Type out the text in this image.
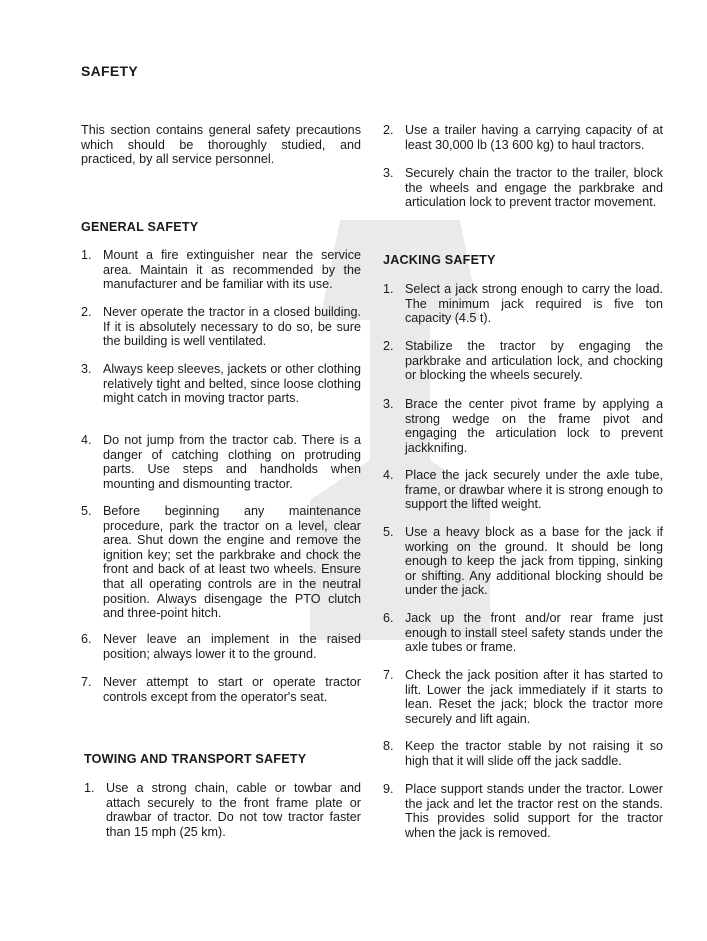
SAFETY

This section contains general safety precautions which should be thoroughly studied, and practiced, by all service personnel.

GENERAL SAFETY
1. Mount a fire extinguisher near the service area. Maintain it as recommended by the manufacturer and be familiar with its use.
2. Never operate the tractor in a closed building. If it is absolutely necessary to do so, be sure the building is well ventilated.
3. Always keep sleeves, jackets or other clothing relatively tight and belted, since loose clothing might catch in moving tractor parts.
4. Do not jump from the tractor cab. There is a danger of catching clothing on protruding parts. Use steps and handholds when mounting and dismounting tractor.
5. Before beginning any maintenance procedure, park the tractor on a level, clear area. Shut down the engine and remove the ignition key; set the parkbrake and chock the front and back of at least two wheels. Ensure that all operating controls are in the neutral position. Always disengage the PTO clutch and three-point hitch.
6. Never leave an implement in the raised position; always lower it to the ground.
7. Never attempt to start or operate tractor controls except from the operator's seat.
TOWING AND TRANSPORT SAFETY
1. Use a strong chain, cable or towbar and attach securely to the front frame plate or drawbar of tractor. Do not tow tractor faster than 15 mph (25 km).
2. Use a trailer having a carrying capacity of at least 30,000 lb (13 600 kg) to haul tractors.
3. Securely chain the tractor to the trailer, block the wheels and engage the parkbrake and articulation lock to prevent tractor movement.
JACKING SAFETY
1. Select a jack strong enough to carry the load. The minimum jack required is five ton capacity (4.5 t).
2. Stabilize the tractor by engaging the parkbrake and articulation lock, and chocking or blocking the wheels securely.
3. Brace the center pivot frame by applying a strong wedge on the frame pivot and engaging the articulation lock to prevent jackknifing.
4. Place the jack securely under the axle tube, frame, or drawbar where it is strong enough to support the lifted weight.
5. Use a heavy block as a base for the jack if working on the ground. It should be long enough to keep the jack from tipping, sinking or shifting. Any additional blocking should be under the jack.
6. Jack up the front and/or rear frame just enough to install steel safety stands under the axle tubes or frame.
7. Check the jack position after it has started to lift. Lower the jack immediately if it starts to lean. Reset the jack; block the tractor more securely and lift again.
8. Keep the tractor stable by not raising it so high that it will slide off the jack saddle.
9. Place support stands under the tractor. Lower the jack and let the tractor rest on the stands. This provides solid support for the tractor when the jack is removed.
